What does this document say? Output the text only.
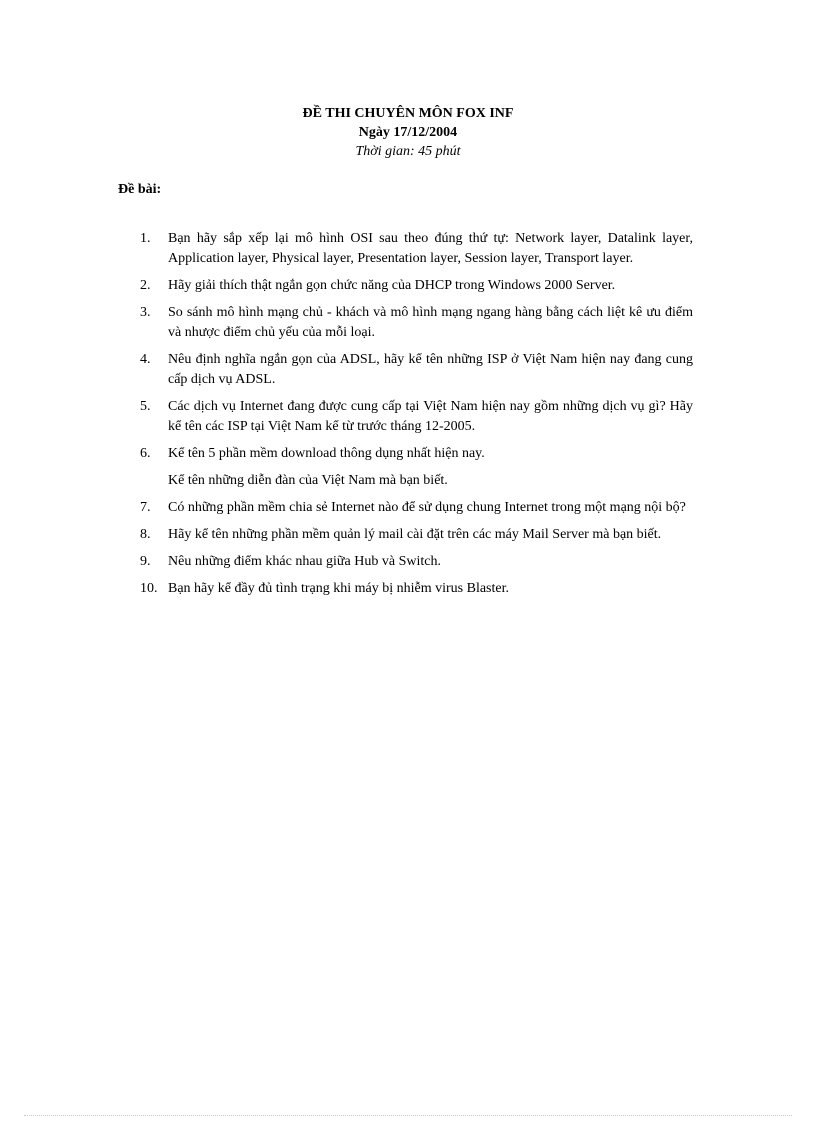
ĐỀ THI CHUYÊN MÔN FOX INF
Ngày 17/12/2004
Thời gian: 45 phút
Đề bài:
1. Bạn hãy sắp xếp lại mô hình OSI sau theo đúng thứ tự: Network layer, Datalink layer, Application layer, Physical layer, Presentation layer, Session layer, Transport layer.
2. Hãy giải thích thật ngắn gọn chức năng của DHCP trong Windows 2000 Server.
3. So sánh mô hình mạng chủ - khách và mô hình mạng ngang hàng bằng cách liệt kê ưu điểm và nhược điểm chủ yếu của mỗi loại.
4. Nêu định nghĩa ngắn gọn của ADSL, hãy kể tên những ISP ở Việt Nam hiện nay đang cung cấp dịch vụ ADSL.
5. Các dịch vụ Internet đang được cung cấp tại Việt Nam hiện nay gồm những dịch vụ gì? Hãy kể tên các ISP tại Việt Nam kể từ trước tháng 12-2005.
6. Kể tên 5 phần mềm download thông dụng nhất hiện nay.
Kể tên những diễn đàn của Việt Nam mà bạn biết.
7. Có những phần mềm chia sẻ Internet nào để sử dụng chung Internet trong một mạng nội bộ?
8. Hãy kể tên những phần mềm quản lý mail cài đặt trên các máy Mail Server mà bạn biết.
9. Nêu những điểm khác nhau giữa Hub và Switch.
10. Bạn hãy kể đầy đủ tình trạng khi máy bị nhiễm virus Blaster.
